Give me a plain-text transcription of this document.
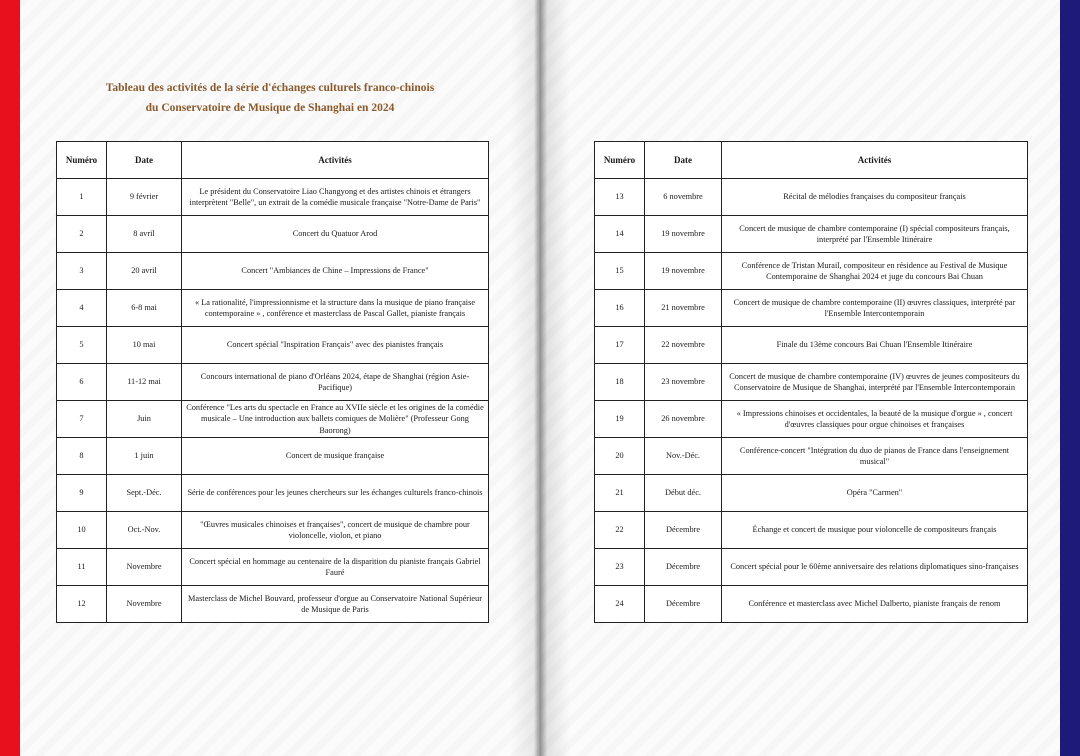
Tableau des activités de la série d'échanges culturels franco-chinois
du Conservatoire de Musique de Shanghai en 2024
Numéro	Date	Activités
1	9 février	Le président du Conservatoire Liao Changyong et des artistes chinois et étrangers interprètent "Belle", un extrait de la comédie musicale française "Notre-Dame de Paris"
2	8 avril	Concert du Quatuor Arod
3	20 avril	Concert "Ambiances de Chine – Impressions de France"
4	6-8 mai	« La rationalité, l'impressionnisme et la structure dans la musique de piano française contemporaine » , conférence et masterclass de Pascal Gallet, pianiste français
5	10 mai	Concert spécial "Inspiration Français" avec des pianistes français
6	11-12 mai	Concours international de piano d'Orléans 2024, étape de Shanghai (région Asie-Pacifique)
7	Juin	Conférence "Les arts du spectacle en France au XVIIe siècle et les origines de la comédie musicale – Une introduction aux ballets comiques de Molière" (Professeur Gong Baorong)
8	1 juin	Concert de musique française
9	Sept.-Déc.	Série de conférences pour les jeunes chercheurs sur les échanges culturels franco-chinois
10	Oct.-Nov.	"Œuvres musicales chinoises et françaises", concert de musique de chambre pour violoncelle, violon, et piano
11	Novembre	Concert spécial en hommage au centenaire de la disparition du pianiste français Gabriel Fauré
12	Novembre	Masterclass de Michel Bouvard, professeur d'orgue au Conservatoire National Supérieur de Musique de Paris
Numéro	Date	Activités
13	6 novembre	Récital de mélodies françaises du compositeur français
14	19 novembre	Concert de musique de chambre contemporaine (I) spécial compositeurs français, interprété par l'Ensemble Itinéraire
15	19 novembre	Conférence de Tristan Murail, compositeur en résidence au Festival de Musique Contemporaine de Shanghai 2024 et juge du concours Bai Chuan
16	21 novembre	Concert de musique de chambre contemporaine (II) œuvres classiques, interprété par l'Ensemble Intercontemporain
17	22 novembre	Finale du 13ème concours Bai Chuan l'Ensemble Itinéraire
18	23 novembre	Concert de musique de chambre contemporaine (IV) œuvres de jeunes compositeurs du Conservatoire de Musique de Shanghai, interprété par l'Ensemble Intercontemporain
19	26 novembre	« Impressions chinoises et occidentales, la beauté de la musique d'orgue » , concert d'œuvres classiques pour orgue chinoises et françaises
20	Nov.-Déc.	Conférence-concert "Intégration du duo de pianos de France dans l'enseignement musical"
21	Début déc.	Opéra "Carmen"
22	Décembre	Échange et concert de musique pour violoncelle de compositeurs français
23	Décembre	Concert spécial pour le 60ème anniversaire des relations diplomatiques sino-françaises
24	Décembre	Conférence et masterclass avec Michel Dalberto, pianiste français de renom
